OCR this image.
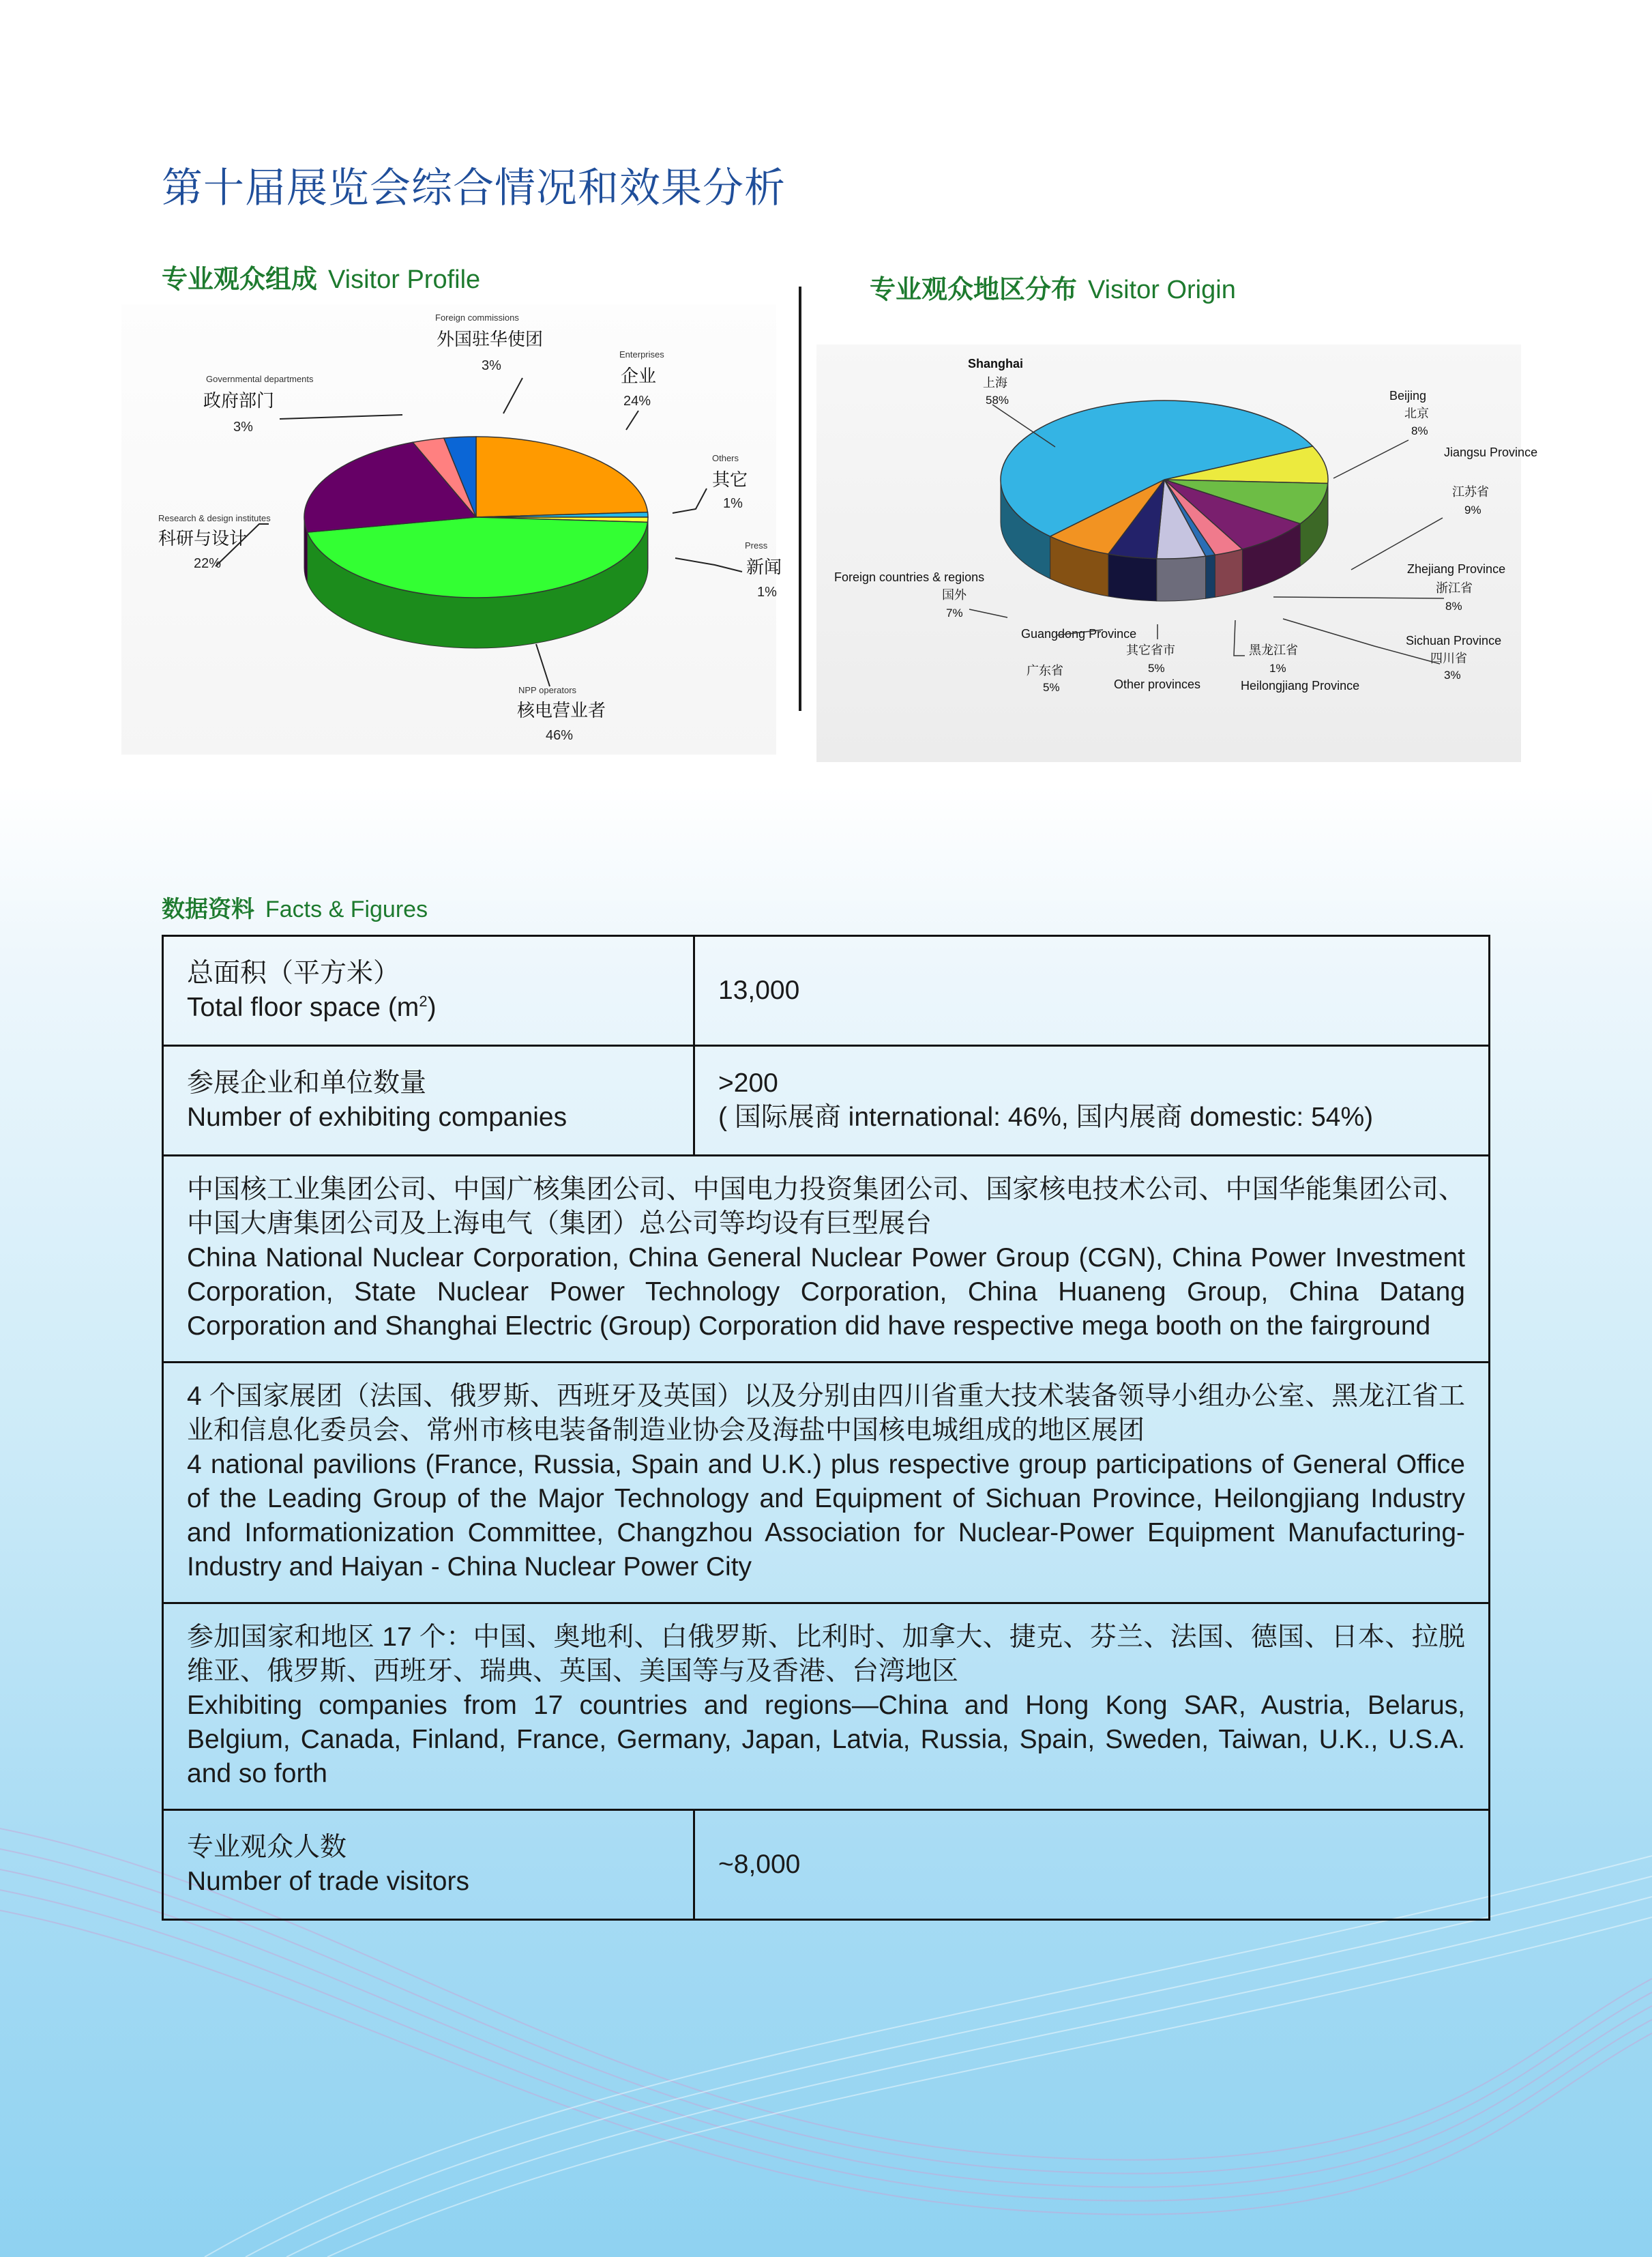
第十届展览会综合情况和效果分析
专业观众组成 Visitor Profile	专业观众地区分布 Visitor Origin
Foreign commissions
外国驻华使团
3%
Enterprises
企业
24%
Governmental departments
政府部门
3%
Others
其它
1%
Research & design institutes
科研与设计
22%
Press
新闻
1%
NPP operators
核电营业者
46%
Shanghai
上海
58%	Beijing
北京
8%
Jiangsu Province
江苏省
9%
Zhejiang Province
浙江省
8%
Sichuan Province
四川省
3%
Foreign countries & regions
国外
7%
Guangdong Province
广东省
5%
其它省市
5%
Other provinces
黑龙江省
1%
Heilongjiang Province
数据资料 Facts & Figures
总面积（平方米）
Total floor space $(m^2)$	13,000

参展企业和单位数量
Number of exhibiting companies	>200
( 国际展商 international: 46%, 国内展商 domestic: 54%)

中国核工业集团公司、中国广核集团公司、中国电力投资集团公司、国家核电技术公司、中国华能集团公司、中国大唐集团公司及上海电气（集团）总公司等均设有巨型展台
China National Nuclear Corporation, China General Nuclear Power Group (CGN), China Power Investment Corporation, State Nuclear Power Technology Corporation, China Huaneng Group, China Datang Corporation and Shanghai Electric (Group) Corporation did have respective mega booth on the fairground	

4 个国家展团（法国、俄罗斯、西班牙及英国）以及分别由四川省重大技术装备领导小组办公室、黑龙江省工业和信息化委员会、常州市核电装备制造业协会及海盐中国核电城组成的地区展团
4 national pavilions (France, Russia, Spain and U.K.) plus respective group participations of General Office of the Leading Group of the Major Technology and Equipment of Sichuan Province, Heilongjiang Industry and Informationization Committee, Changzhou Association for Nuclear-Power Equipment Manufacturing-Industry and Haiyan - China Nuclear Power City	

参加国家和地区 17 个：中国、奥地利、白俄罗斯、比利时、加拿大、捷克、芬兰、法国、德国、日本、拉脱维亚、俄罗斯、西班牙、瑞典、英国、美国等与及香港、台湾地区
Exhibiting companies from 17 countries and regions—China and Hong Kong SAR, Austria, Belarus, Belgium, Canada, Finland, France, Germany, Japan, Latvia, Russia, Spain, Sweden, Taiwan, U.K., U.S.A. and so forth	

专业观众人数
Number of trade visitors	~8,000
